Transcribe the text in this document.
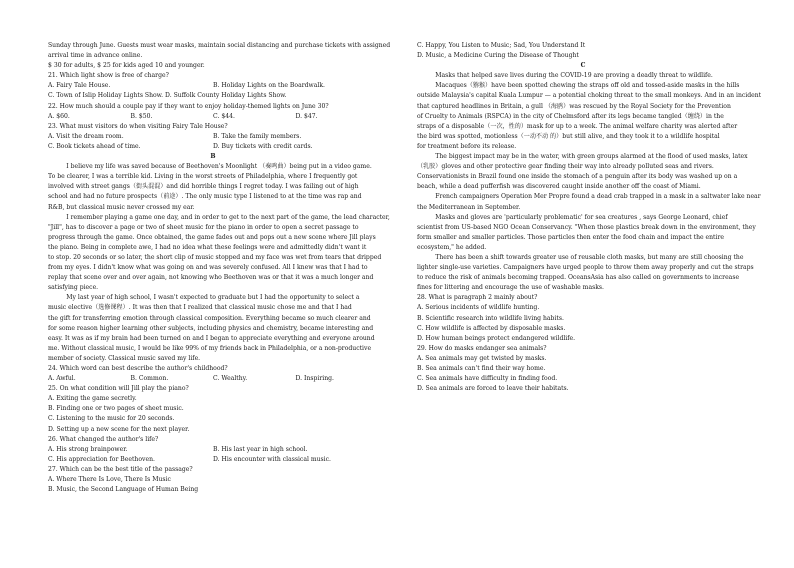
Sunday through June. Guests must wear masks, maintain social distancing and purchase tickets with assigned

arrival time in advance online.

$ 30 for adults, $ 25 for kids aged 10 and younger.

21. Which light show is free of charge?

A. Fairy Tale House.	B. Holiday Lights on the Boardwalk.

C. Town of Islip Holiday Lights Show. D. Suffolk County Holiday Lights Show.

22. How much should a couple pay if they want to enjoy holiday-themed lights on June 30?

A. $60.	B. $50.	C. $44.	D. $47.

23. What must visitors do when visiting Fairy Tale House?

A. Visit the dream room.	B. Take the family members.
C. Book tickets ahead of time.	D. Buy tickets with credit cards.

B

I believe my life was saved because of Beethoven's Moonlight （奏鸣曲）being put in a video game.

To be clearer, I was a terrible kid. Living in the worst streets of Philadelphia, where I frequently got

involved with street gangs（街头混混）and did horrible things I regret today. I was failing out of high

school and had no future prospects（前途）. The only music type I listened to at the time was rap and

R&B, but classical music never crossed my ear.

I remember playing a game one day, and in order to get to the next part of the game, the lead character,

"Jill", has to discover a page or two of sheet music for the piano in order to open a secret passage to

progress through the game. Once obtained, the game fades out and pops out a new scene where Jill plays

the piano. Being in complete awe, I had no idea what these feelings were and admittedly didn't want it

to stop. 20 seconds or so later, the short clip of music stopped and my face was wet from tears that dripped

from my eyes. I didn't know what was going on and was severely confused. All I knew was that I had to

replay that scene over and over again, not knowing who Beethoven was or that it was a much longer and

satisfying piece.

My last year of high school, I wasn't expected to graduate but I had the opportunity to select a

music elective（选修课程）. It was then that I realized that classical music chose me and that I had

the gift for transferring emotion through classical composition. Everything became so much clearer and

for some reason higher learning other subjects, including physics and chemistry, became interesting and

easy. It was as if my brain had been turned on and I began to appreciate everything and everyone around

me. Without classical music, I would be like 99% of my friends back in Philadelphia, or a non-productive

member of society. Classical music saved my life.

24. Which word can best describe the author's childhood?

A. Awful.	B. Common.	C. Wealthy.	D. Inspiring.

25. On what condition will Jill play the piano?

A. Exiting the game secretly.

B. Finding one or two pages of sheet music.

C. Listening to the music for 20 seconds.

D. Setting up a new scene for the next player.

26. What changed the author's life?

A. His strong brainpower.	B. His last year in high school.
C. His appreciation for Beethoven.	D. His encounter with classical music.

27. Which can be the best title of the passage?

A. Where There Is Love, There Is Music

B. Music, the Second Language of Human Being

C. Happy, You Listen to Music; Sad, You Understand It

D. Music, a Medicine Curing the Disease of Thought

C

Masks that helped save lives during the COVID-19 are proving a deadly threat to wildlife.

Macaques（猕猴）have been spotted chewing the straps off old and tossed-aside masks in the hills

outside Malaysia's capital Kuala Lumpur — a potential choking threat to the small monkeys. And in an incident

that captured headlines in Britain, a gull （海鸥）was rescued by the Royal Society for the Prevention

of Cruelty to Animals (RSPCA) in the city of Chelmsford after its legs became tangled（缠绕）in the

straps of a disposable（一次，性的）mask for up to a week. The animal welfare charity was alerted after

the bird was spotted, motionless（一动不动 的）but still alive, and they took it to a wildlife hospital

for treatment before its release.

The biggest impact may be in the water, with green groups alarmed at the flood of used masks, latex

（乳胶）gloves and other protective gear finding their way into already polluted seas and rivers.

Conservationists in Brazil found one inside the stomach of a penguin after its body was washed up on a

beach, while a dead pufferfish was discovered caught inside another off the coast of Miami.

French campaigners Operation Mer Propre found a dead crab trapped in a mask in a saltwater lake near

the Mediterranean in September.

Masks and gloves are 'particularly problematic' for sea creatures , says George Leonard, chief

scientist from US-based NGO Ocean Conservancy. "When those plastics break down in the environment, they

form smaller and smaller particles. Those particles then enter the food chain and impact the entire

ecosystem," he added.

There has been a shift towards greater use of reusable cloth masks, but many are still choosing the

lighter single-use varieties. Campaigners have urged people to throw them away properly and cut the straps

to reduce the risk of animals becoming trapped. OceansAsia has also called on governments to increase

fines for littering and encourage the use of washable masks.

28. What is paragraph 2 mainly about?

A. Serious incidents of wildlife hunting.

B. Scientific research into wildlife living habits.

C. How wildlife is affected by disposable masks.

D. How human beings protect endangered wildlife.

29. How do masks endanger sea animals?

A. Sea animals may get twisted by masks.

B. Sea animals can't find their way home.

C. Sea animals have difficulty in finding food.

D. Sea animals are forced to leave their habitats.
